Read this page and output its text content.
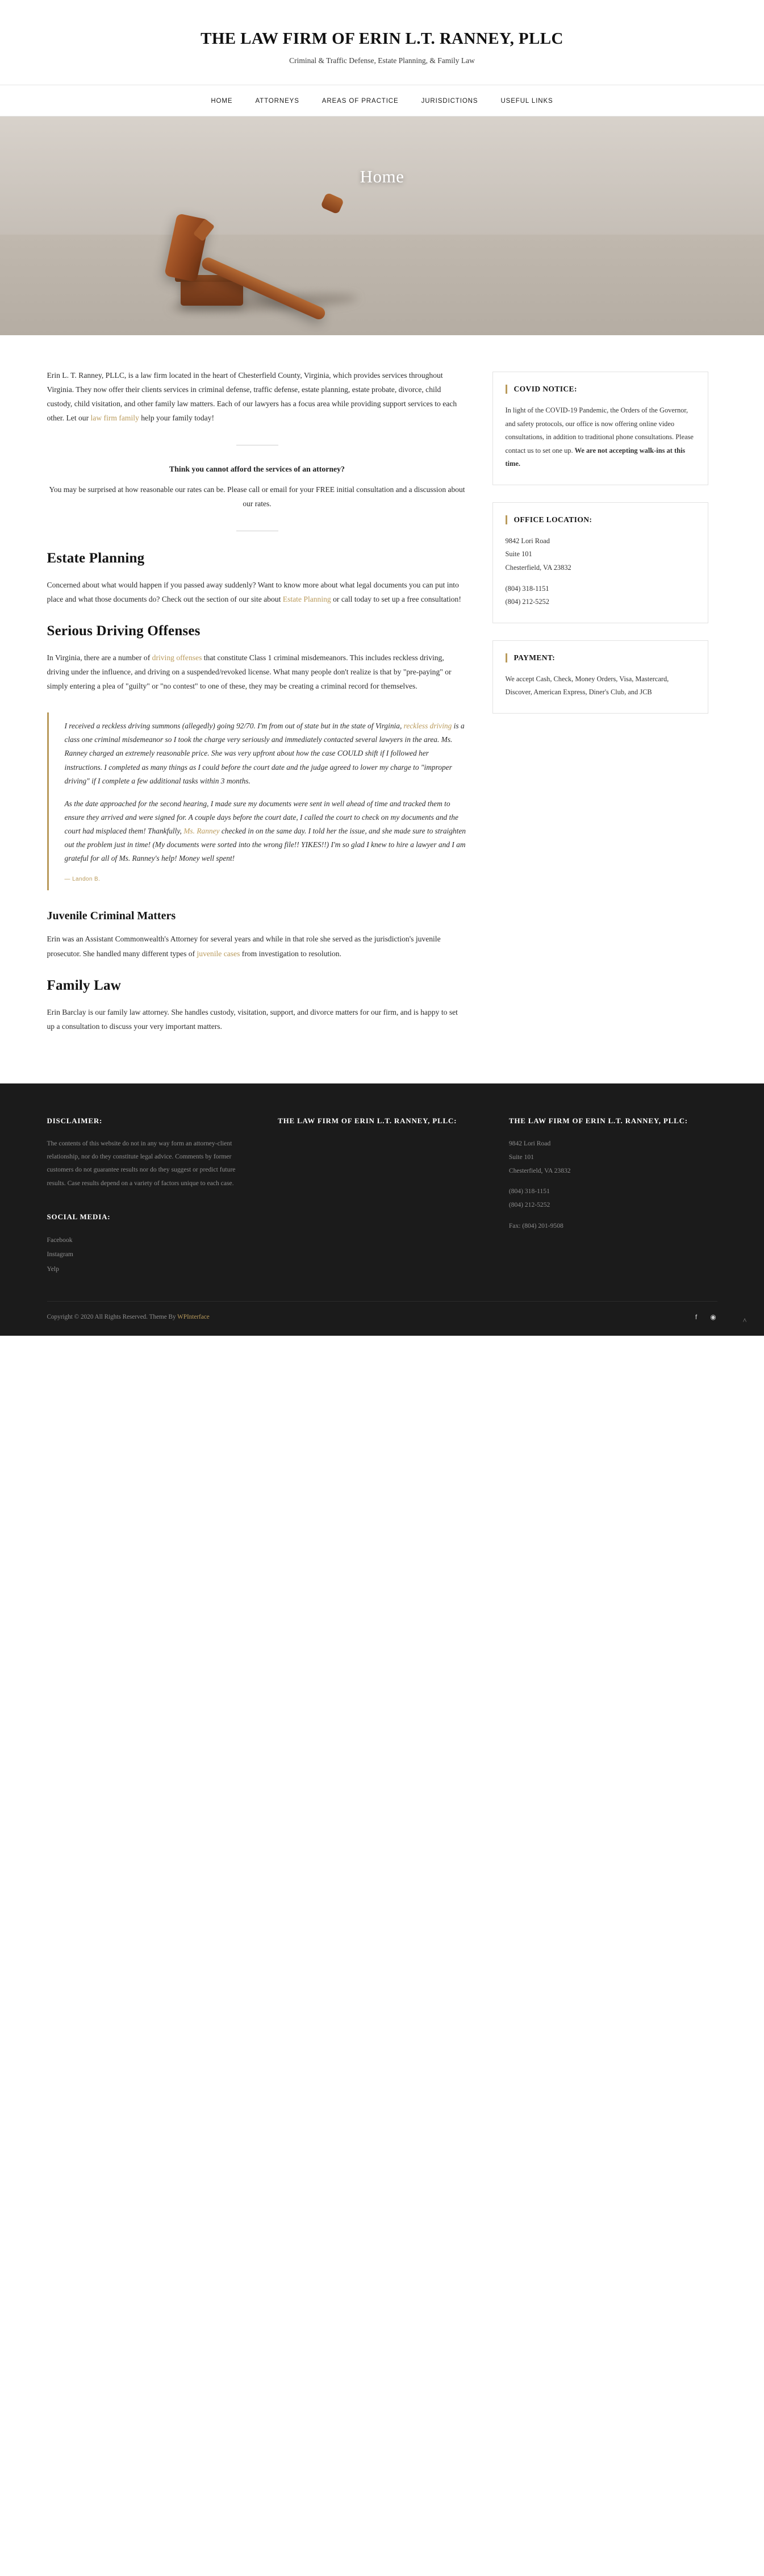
THE LAW FIRM OF ERIN L.T. RANNEY, PLLC
Criminal & Traffic Defense, Estate Planning, & Family Law
HOME	ATTORNEYS	AREAS OF PRACTICE	JURISDICTIONS	USEFUL LINKS
Home

Erin L. T. Ranney, PLLC, is a law firm located in the heart of Chesterfield County, Virginia, which provides services throughout Virginia. They now offer their clients services in criminal defense, traffic defense, estate planning, estate probate, divorce, child custody, child visitation, and other family law matters. Each of our lawyers has a focus area while providing support services to each other. Let our law firm family help your family today!

Think you cannot afford the services of an attorney?

You may be surprised at how reasonable our rates can be. Please call or email for your FREE initial consultation and a discussion about our rates.

Estate Planning

Concerned about what would happen if you passed away suddenly? Want to know more about what legal documents you can put into place and what those documents do? Check out the section of our site about Estate Planning or call today to set up a free consultation!

Serious Driving Offenses

In Virginia, there are a number of driving offenses that constitute Class 1 criminal misdemeanors. This includes reckless driving, driving under the influence, and driving on a suspended/revoked license. What many people don't realize is that by "pre-paying" or simply entering a plea of "guilty" or "no contest" to one of these, they may be creating a criminal record for themselves.

I received a reckless driving summons (allegedly) going 92/70. I'm from out of state but in the state of Virginia, reckless driving is a class one criminal misdemeanor so I took the charge very seriously and immediately contacted several lawyers in the area. Ms. Ranney charged an extremely reasonable price. She was very upfront about how the case COULD shift if I followed her instructions. I completed as many things as I could before the court date and the judge agreed to lower my charge to "improper driving" if I complete a few additional tasks within 3 months.

As the date approached for the second hearing, I made sure my documents were sent in well ahead of time and tracked them to ensure they arrived and were signed for. A couple days before the court date, I called the court to check on my documents and the court had misplaced them! Thankfully, Ms. Ranney checked in on the same day. I told her the issue, and she made sure to straighten out the problem just in time! (My documents were sorted into the wrong file!! YIKES!!) I'm so glad I knew to hire a lawyer and I am grateful for all of Ms. Ranney's help! Money well spent!

— Landon B.

Juvenile Criminal Matters

Erin was an Assistant Commonwealth's Attorney for several years and while in that role she served as the jurisdiction's juvenile prosecutor. She handled many different types of juvenile cases from investigation to resolution.

Family Law

Erin Barclay is our family law attorney. She handles custody, visitation, support, and divorce matters for our firm, and is happy to set up a consultation to discuss your very important matters.

COVID NOTICE:

In light of the COVID-19 Pandemic, the Orders of the Governor, and safety protocols, our office is now offering online video consultations, in addition to traditional phone consultations. Please contact us to set one up. We are not accepting walk-ins at this time.

OFFICE LOCATION:

9842 Lori Road

Suite 101

Chesterfield, VA 23832

(804) 318-1151

(804) 212-5252

PAYMENT:

We accept Cash, Check, Money Orders, Visa, Mastercard, Discover, American Express, Diner's Club, and JCB

DISCLAIMER:

The contents of this website do not in any way form an attorney-client relationship, nor do they constitute legal advice. Comments by former customers do not guarantee results nor do they suggest or predict future results. Case results depend on a variety of factors unique to each case.

SOCIAL MEDIA:
Facebook
Instagram
Yelp
THE LAW FIRM OF ERIN L.T. RANNEY, PLLC:	THE LAW FIRM OF ERIN L.T. RANNEY, PLLC:

9842 Lori Road

Suite 101

Chesterfield, VA 23832

(804) 318-1151

(804) 212-5252

Fax: (804) 201-9508

Copyright © 2020 All Rights Reserved. Theme By WPInterface	f	◉	^
